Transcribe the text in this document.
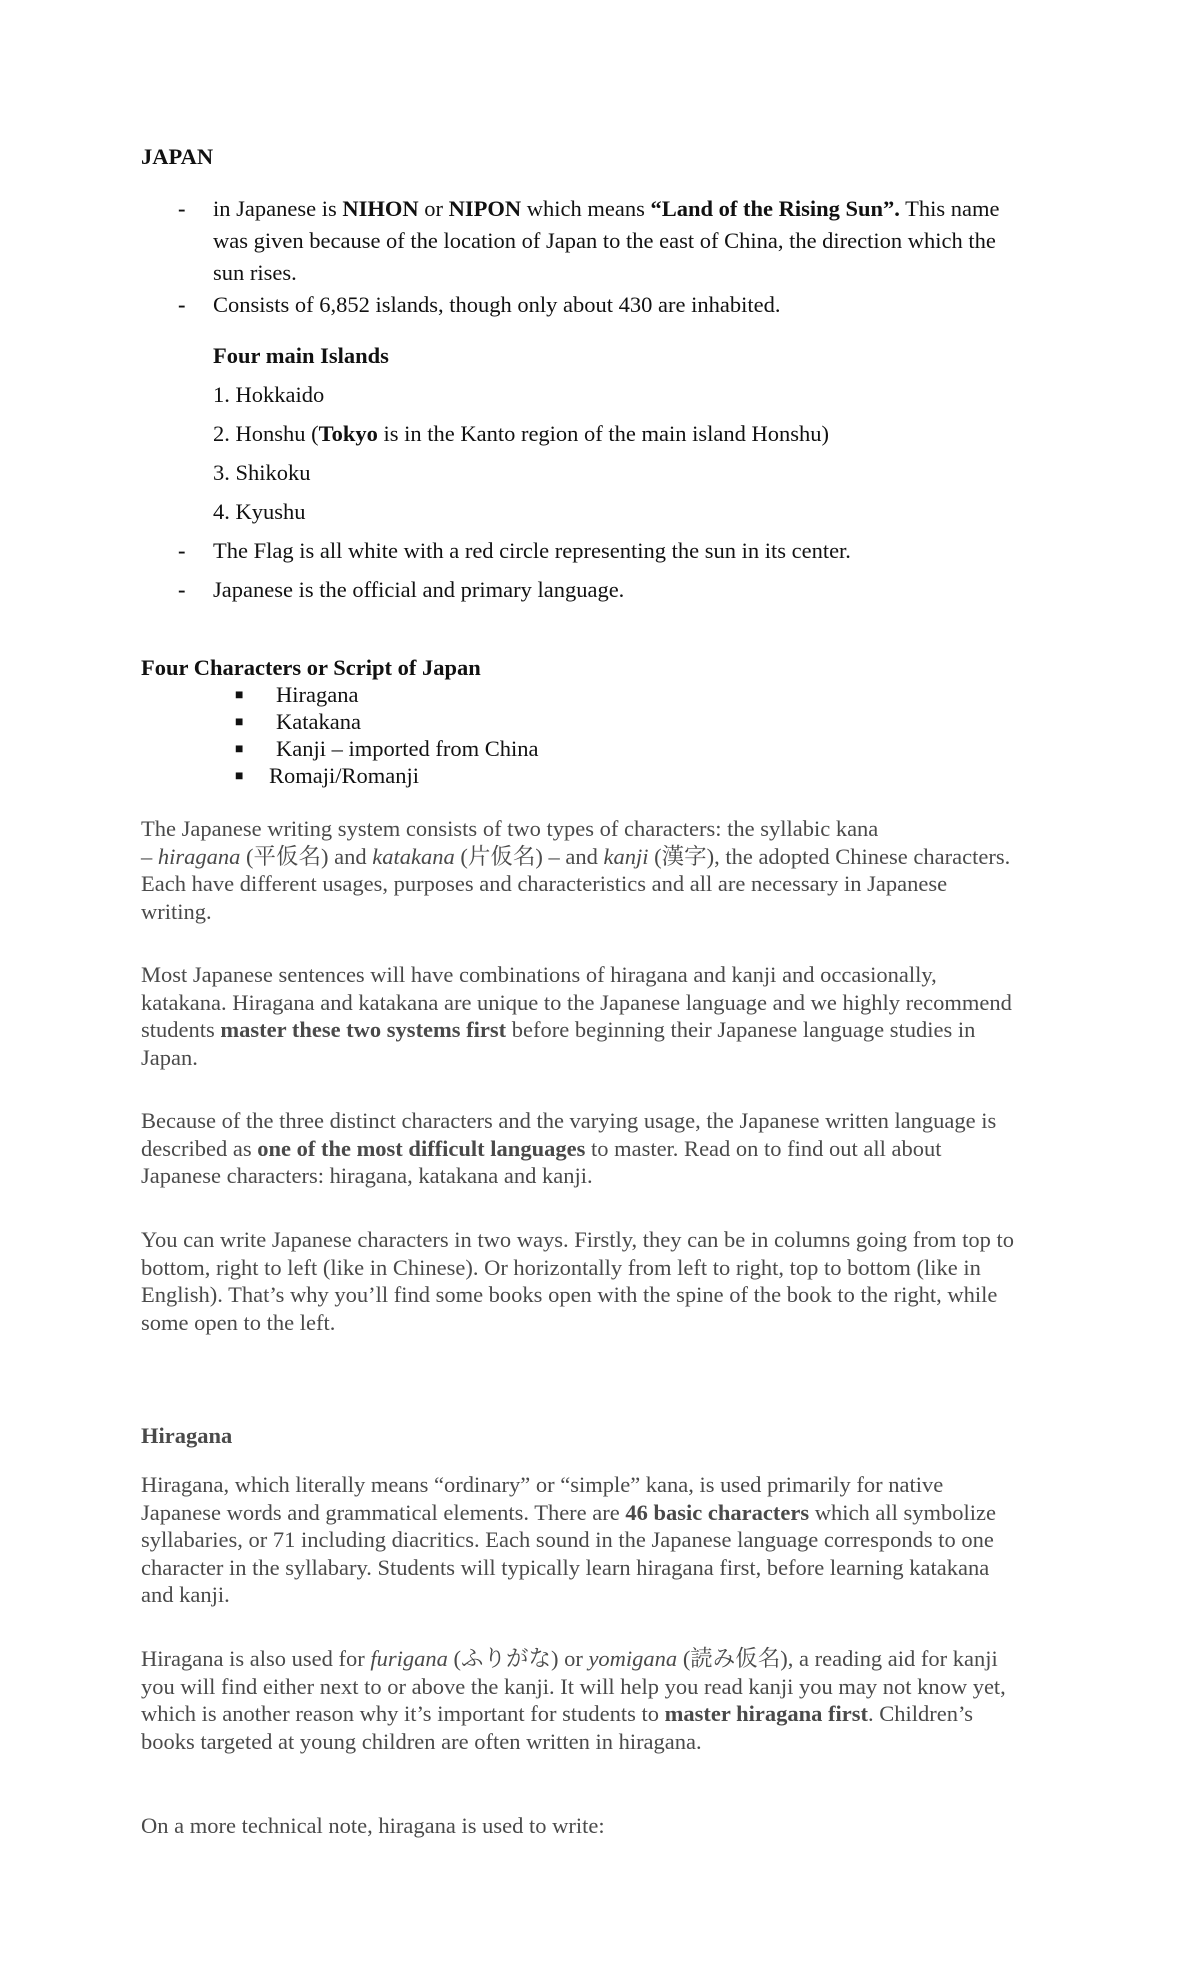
JAPAN
- in Japanese is NIHON or NIPON which means “Land of the Rising Sun”. This name
was given because of the location of Japan to the east of China, the direction which the
sun rises.
- Consists of 6,852 islands, though only about 430 are inhabited.
Four main Islands
1. Hokkaido
2. Honshu (Tokyo is in the Kanto region of the main island Honshu)
3. Shikoku
4. Kyushu
- The Flag is all white with a red circle representing the sun in its center.
- Japanese is the official and primary language.
Four Characters or Script of Japan
■ Hiragana
■ Katakana
■ Kanji – imported from China
■ Romaji/Romanji
The Japanese writing system consists of two types of characters: the syllabic kana
– hiragana (平仮名) and katakana (片仮名) – and kanji (漢字), the adopted Chinese characters.
Each have different usages, purposes and characteristics and all are necessary in Japanese
writing.
Most Japanese sentences will have combinations of hiragana and kanji and occasionally,
katakana. Hiragana and katakana are unique to the Japanese language and we highly recommend
students master these two systems first before beginning their Japanese language studies in
Japan.
Because of the three distinct characters and the varying usage, the Japanese written language is
described as one of the most difficult languages to master. Read on to find out all about
Japanese characters: hiragana, katakana and kanji.
You can write Japanese characters in two ways. Firstly, they can be in columns going from top to
bottom, right to left (like in Chinese). Or horizontally from left to right, top to bottom (like in
English). That’s why you’ll find some books open with the spine of the book to the right, while
some open to the left.
Hiragana
Hiragana, which literally means “ordinary” or “simple” kana, is used primarily for native
Japanese words and grammatical elements. There are 46 basic characters which all symbolize
syllabaries, or 71 including diacritics. Each sound in the Japanese language corresponds to one
character in the syllabary. Students will typically learn hiragana first, before learning katakana
and kanji.
Hiragana is also used for furigana (ふりがな) or yomigana (読み仮名), a reading aid for kanji
you will find either next to or above the kanji. It will help you read kanji you may not know yet,
which is another reason why it’s important for students to master hiragana first. Children’s
books targeted at young children are often written in hiragana.
On a more technical note, hiragana is used to write:
